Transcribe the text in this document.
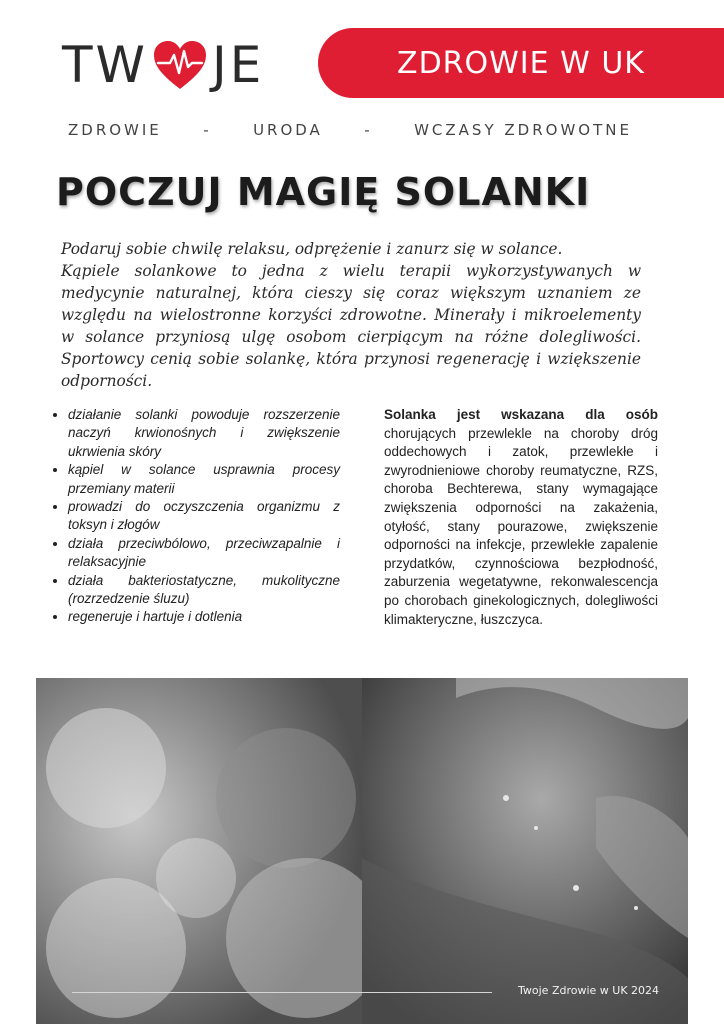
TW JE	ZDROWIE W UK
ZDROWIE	-	URODA	-	WCZASY ZDROWOTNE
POCZUJ MAGIĘ SOLANKI

Podaruj sobie chwilę relaksu, odprężenie i zanurz się w solance.

Kąpiele solankowe to jedna z wielu terapii wykorzystywanych w medycynie naturalnej, która cieszy się coraz większym uznaniem ze względu na wielostronne korzyści zdrowotne. Minerały i mikroelementy w solance przyniosą ulgę osobom cierpiącym na różne dolegliwości. Sportowcy cenią sobie solankę, która przynosi regenerację i wziększenie odporności.

• działanie solanki powoduje rozszerzenie naczyń krwionośnych i zwiększenie ukrwienia skóry
• kąpiel w solance usprawnia procesy przemiany materii
• prowadzi do oczyszczenia organizmu z toksyn i złogów
• działa przeciwbólowo, przeciwzapalnie i relaksacyjnie
• działa bakteriostatyczne, mukolityczne (rozrzedzenie śluzu)
• regeneruje i hartuje i dotlenia

Solanka jest wskazana dla osób chorujących przewlekle na choroby dróg oddechowych i zatok, przewlekłe i zwyrodnieniowe choroby reumatyczne, RZS, choroba Bechterewa, stany wymagające zwiększenia odporności na zakażenia, otyłość, stany pourazowe, zwiększenie odporności na infekcje, przewlekłe zapalenie przydatków, czynnościowa bezpłodność, zaburzenia wegetatywne, rekonwalescencja po chorobach ginekologicznych, dolegliwości klimakteryczne, łuszczyca.

Twoje Zdrowie w UK 2024
